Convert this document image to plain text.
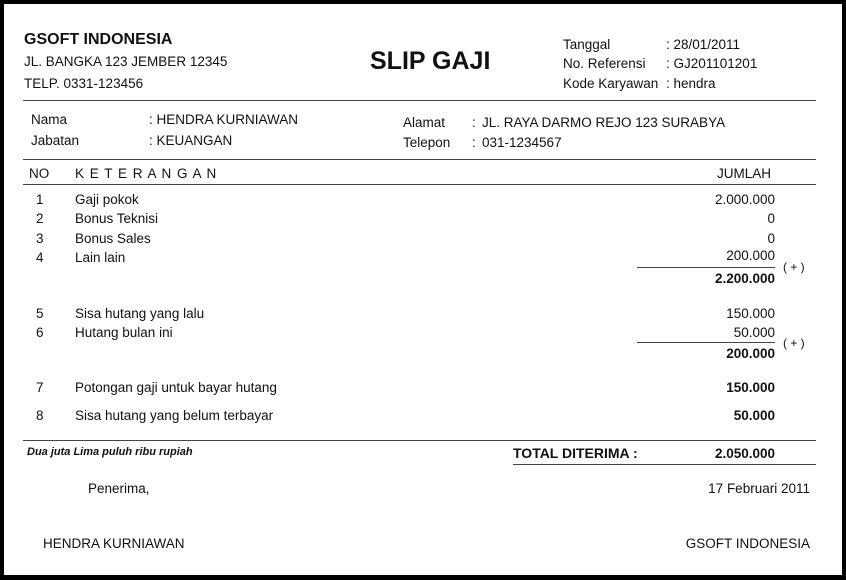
GSOFT INDONESIA
JL. BANGKA 123 JEMBER 12345
TELP. 0331-123456
SLIP GAJI
Tanggal	: 28/01/2011
No. Referensi : GJ201101201
Kode Karyawan : hendra
Nama	: HENDRA KURNIAWAN
Jabatan	: KEUANGAN
Alamat : JL. RAYA DARMO REJO 123 SURABYA
Telepon : 031-1234567
NO K E T E R A N G A N	JUMLAH
1 Gaji pokok	2.000.000
2 Bonus Teknisi	0
3 Bonus Sales	0
4 Lain lain	200.000
( + )
2.200.000
5 Sisa hutang yang lalu	150.000
6 Hutang bulan ini	50.000
( + )
200.000
7 Potongan gaji untuk bayar hutang	150.000
8 Sisa hutang yang belum terbayar	50.000
Dua juta Lima puluh ribu rupiah	TOTAL DITERIMA :	2.050.000
Penerima,	17 Februari 2011
HENDRA KURNIAWAN	GSOFT INDONESIA
